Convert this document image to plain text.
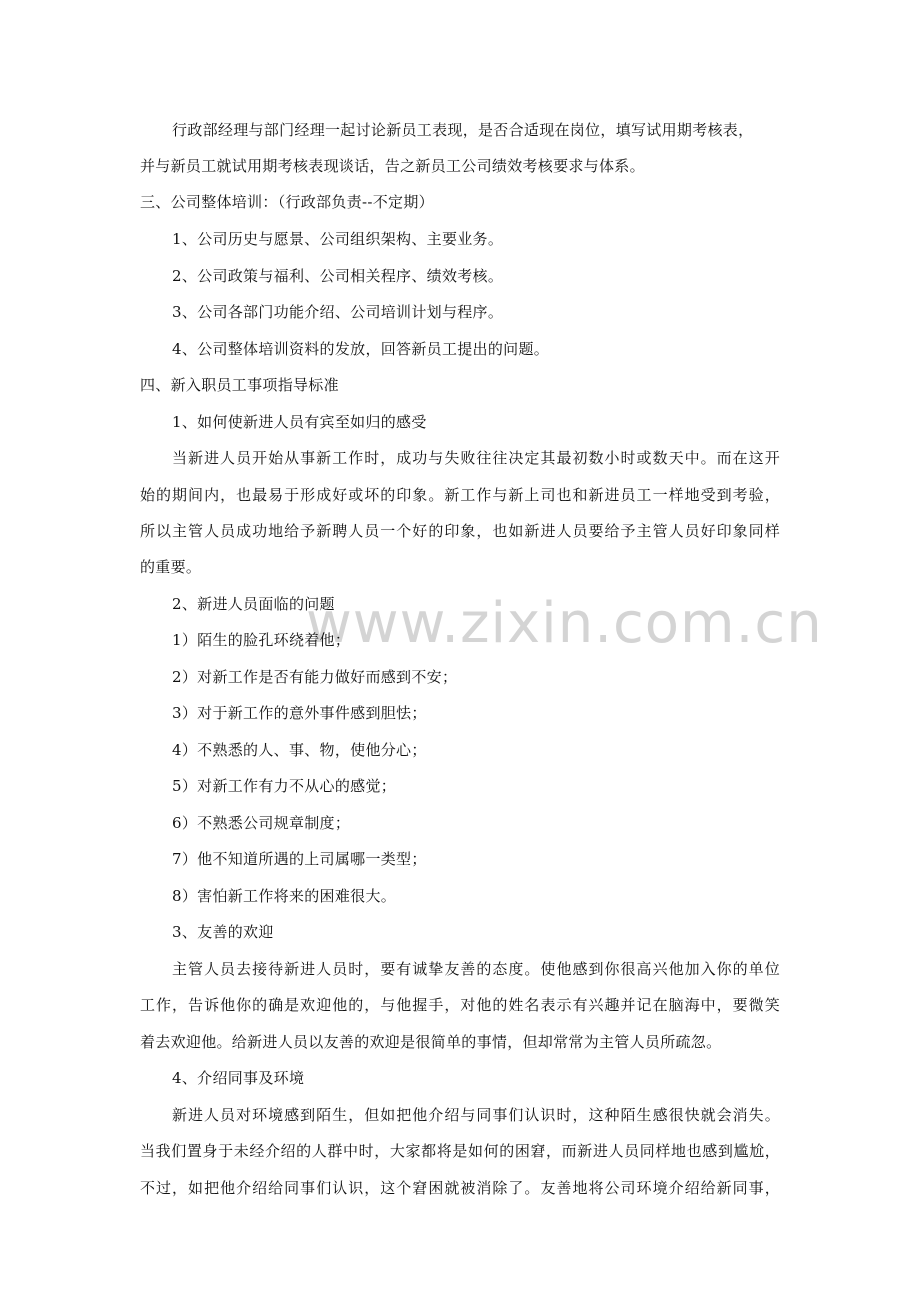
www.zixin.com.cn
行政部经理与部门经理一起讨论新员工表现，是否合适现在岗位，填写试用期考核表，
并与新员工就试用期考核表现谈话，告之新员工公司绩效考核要求与体系。
三、公司整体培训：（行政部负责--不定期）
1、公司历史与愿景、公司组织架构、主要业务。
2、公司政策与福利、公司相关程序、绩效考核。
3、公司各部门功能介绍、公司培训计划与程序。
4、公司整体培训资料的发放，回答新员工提出的问题。
四、新入职员工事项指导标准
1、如何使新进人员有宾至如归的感受
当新进人员开始从事新工作时，成功与失败往往决定其最初数小时或数天中。而在这开
始的期间内，也最易于形成好或坏的印象。新工作与新上司也和新进员工一样地受到考验，
所以主管人员成功地给予新聘人员一个好的印象，也如新进人员要给予主管人员好印象同样
的重要。
2、新进人员面临的问题
1）陌生的脸孔环绕着他；
2）对新工作是否有能力做好而感到不安；
3）对于新工作的意外事件感到胆怯；
4）不熟悉的人、事、物，使他分心；
5）对新工作有力不从心的感觉；
6）不熟悉公司规章制度；
7）他不知道所遇的上司属哪一类型；
8）害怕新工作将来的困难很大。
3、友善的欢迎
主管人员去接待新进人员时，要有诚挚友善的态度。使他感到你很高兴他加入你的单位
工作，告诉他你的确是欢迎他的，与他握手，对他的姓名表示有兴趣并记在脑海中，要微笑
着去欢迎他。给新进人员以友善的欢迎是很简单的事情，但却常常为主管人员所疏忽。
4、介绍同事及环境
新进人员对环境感到陌生，但如把他介绍与同事们认识时，这种陌生感很快就会消失。
当我们置身于未经介绍的人群中时，大家都将是如何的困窘，而新进人员同样地也感到尴尬，
不过，如把他介绍给同事们认识，这个窘困就被消除了。友善地将公司环境介绍给新同事，
